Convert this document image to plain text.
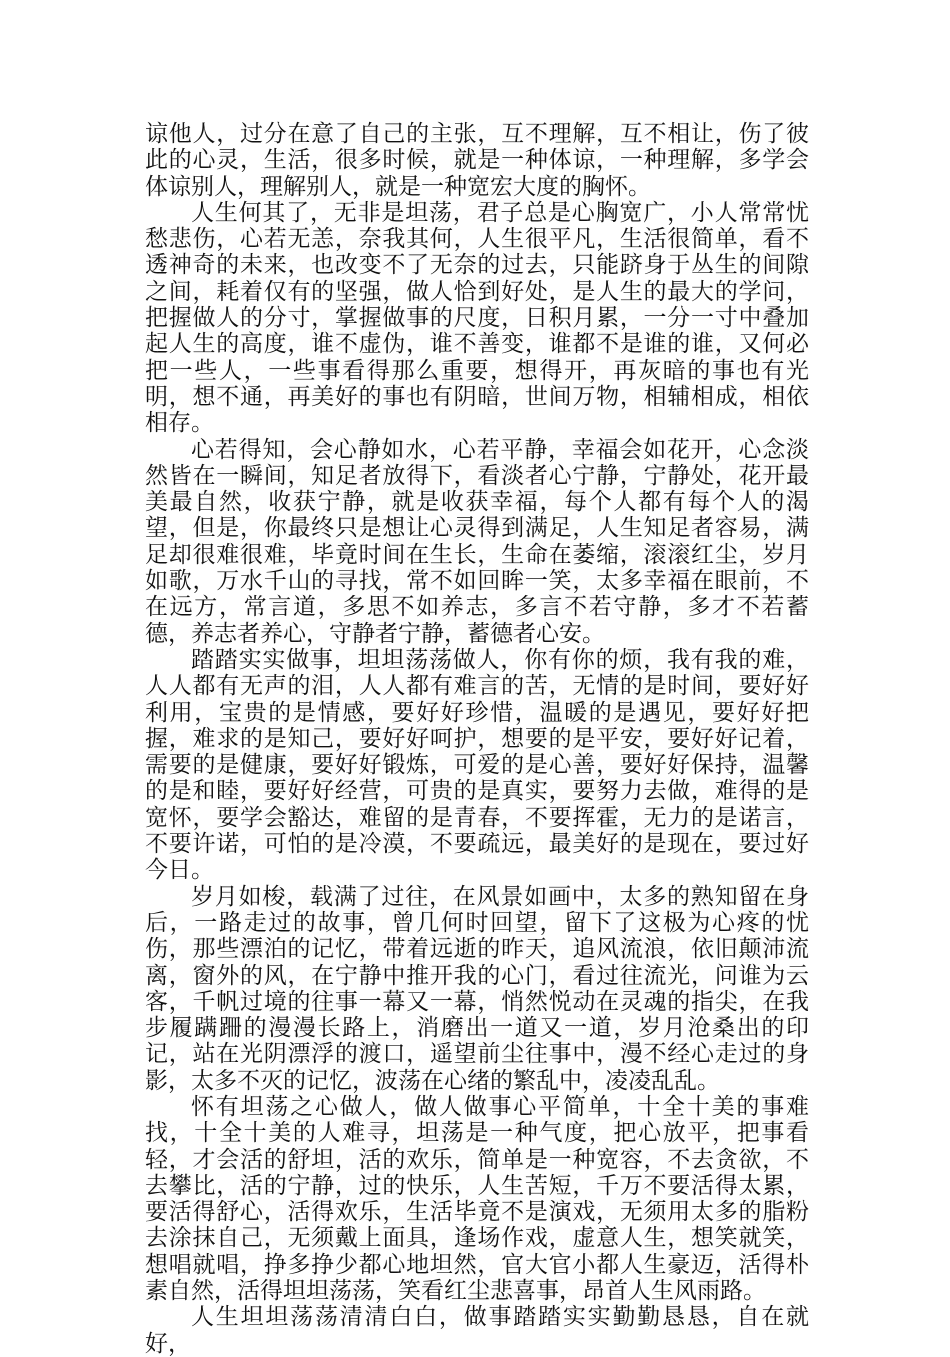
谅他人，过分在意了自己的主张，互不理解，互不相让，伤了彼此的心灵，生活，很多时候，就是一种体谅，一种理解，多学会体谅别人，理解别人，就是一种宽宏大度的胸怀。

人生何其了，无非是坦荡，君子总是心胸宽广，小人常常忧愁悲伤，心若无恙，奈我其何，人生很平凡，生活很简单，看不透神奇的未来，也改变不了无奈的过去，只能跻身于丛生的间隙之间，耗着仅有的坚强，做人恰到好处，是人生的最大的学问，把握做人的分寸，掌握做事的尺度，日积月累，一分一寸中叠加起人生的高度，谁不虚伪，谁不善变，谁都不是谁的谁，又何必把一些人，一些事看得那么重要，想得开，再灰暗的事也有光明，想不通，再美好的事也有阴暗，世间万物，相辅相成，相依相存。

心若得知，会心静如水，心若平静，幸福会如花开，心念淡然皆在一瞬间，知足者放得下，看淡者心宁静，宁静处，花开最美最自然，收获宁静，就是收获幸福，每个人都有每个人的渴望，但是，你最终只是想让心灵得到满足，人生知足者容易，满足却很难很难，毕竟时间在生长，生命在萎缩，滚滚红尘，岁月如歌，万水千山的寻找，常不如回眸一笑，太多幸福在眼前，不在远方，常言道，多思不如养志，多言不若守静，多才不若蓄德，养志者养心，守静者宁静，蓄德者心安。

踏踏实实做事，坦坦荡荡做人，你有你的烦，我有我的难，人人都有无声的泪，人人都有难言的苦，无情的是时间，要好好利用，宝贵的是情感，要好好珍惜，温暖的是遇见，要好好把握，难求的是知己，要好好呵护，想要的是平安，要好好记着，需要的是健康，要好好锻炼，可爱的是心善，要好好保持，温馨的是和睦，要好好经营，可贵的是真实，要努力去做，难得的是宽怀，要学会豁达，难留的是青春，不要挥霍，无力的是诺言，不要许诺，可怕的是冷漠，不要疏远，最美好的是现在，要过好今日。

岁月如梭，载满了过往，在风景如画中，太多的熟知留在身后，一路走过的故事，曾几何时回望，留下了这极为心疼的忧伤，那些漂泊的记忆，带着远逝的昨天，追风流浪，依旧颠沛流离，窗外的风，在宁静中推开我的心门，看过往流光，问谁为云客，千帆过境的往事一幕又一幕，悄然悦动在灵魂的指尖，在我步履蹒跚的漫漫长路上，消磨出一道又一道，岁月沧桑出的印记，站在光阴漂浮的渡口，遥望前尘往事中，漫不经心走过的身影，太多不灭的记忆，波荡在心绪的繁乱中，凌凌乱乱。

怀有坦荡之心做人，做人做事心平简单，十全十美的事难找，十全十美的人难寻，坦荡是一种气度，把心放平，把事看轻，才会活的舒坦，活的欢乐，简单是一种宽容，不去贪欲，不去攀比，活的宁静，过的快乐，人生苦短，千万不要活得太累，要活得舒心，活得欢乐，生活毕竟不是演戏，无须用太多的脂粉去涂抹自己，无须戴上面具，逢场作戏，虚意人生，想笑就笑，想唱就唱，挣多挣少都心地坦然，官大官小都人生豪迈，活得朴素自然，活得坦坦荡荡，笑看红尘悲喜事，昂首人生风雨路。

人生坦坦荡荡清清白白，做事踏踏实实勤勤恳恳，自在就好，
